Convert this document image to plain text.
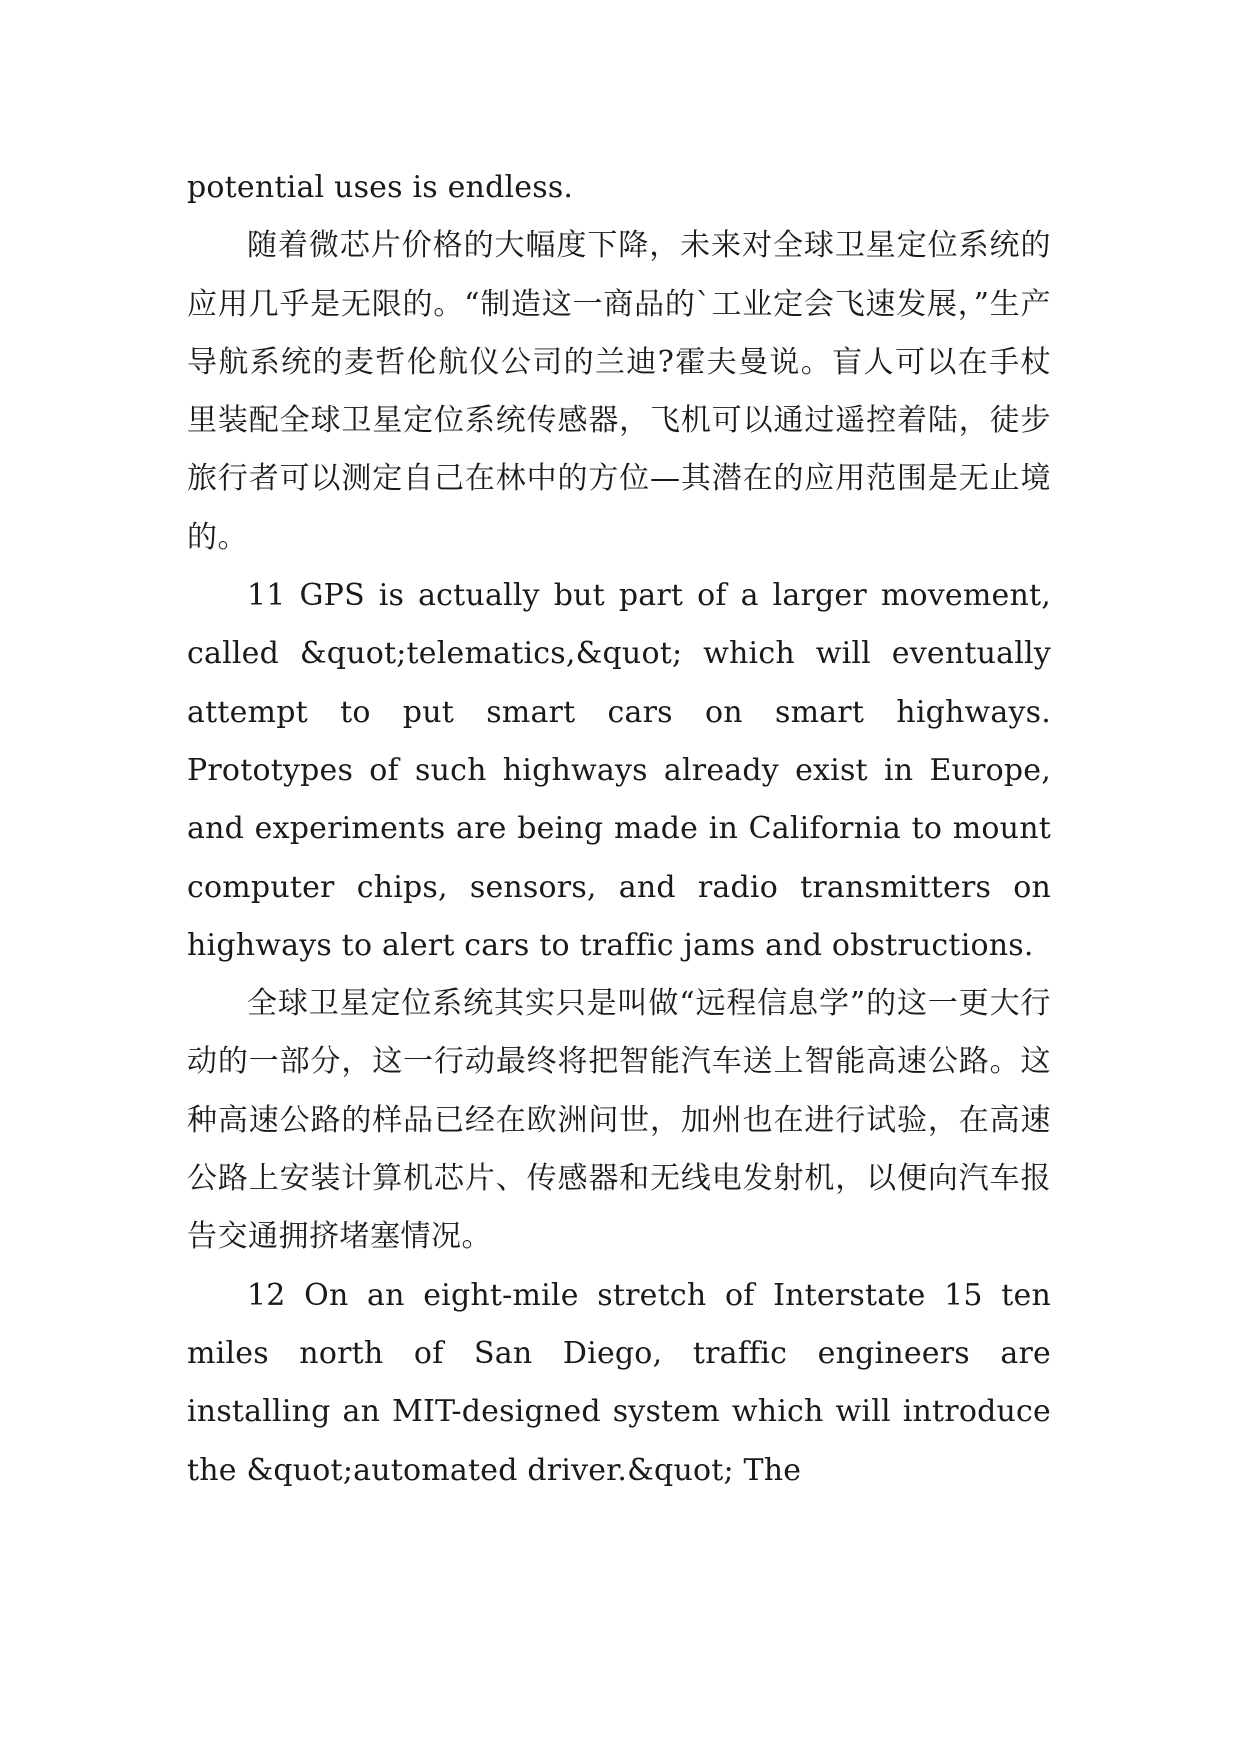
potential uses is endless.

随着微芯片价格的大幅度下降，未来对全球卫星定位系统的应用几乎是无限的。“制造这一商品的`工业定会飞速发展，”生产导航系统的麦哲伦航仪公司的兰迪?霍夫曼说。盲人可以在手杖里装配全球卫星定位系统传感器，飞机可以通过遥控着陆，徒步旅行者可以测定自己在林中的方位—其潜在的应用范围是无止境的。

11 GPS is actually but part of a larger movement, called &quot;telematics,&quot; which will eventually attempt to put smart cars on smart highways. Prototypes of such highways already exist in Europe, and experiments are being made in California to mount computer chips, sensors, and radio transmitters on highways to alert cars to traffic jams and obstructions.

全球卫星定位系统其实只是叫做“远程信息学”的这一更大行动的一部分，这一行动最终将把智能汽车送上智能高速公路。这种高速公路的样品已经在欧洲问世，加州也在进行试验，在高速公路上安装计算机芯片、传感器和无线电发射机，以便向汽车报告交通拥挤堵塞情况。

12 On an eight-mile stretch of Interstate 15 ten miles north of San Diego, traffic engineers are installing an MIT-designed system which will introduce the &quot;automated driver.&quot; The
